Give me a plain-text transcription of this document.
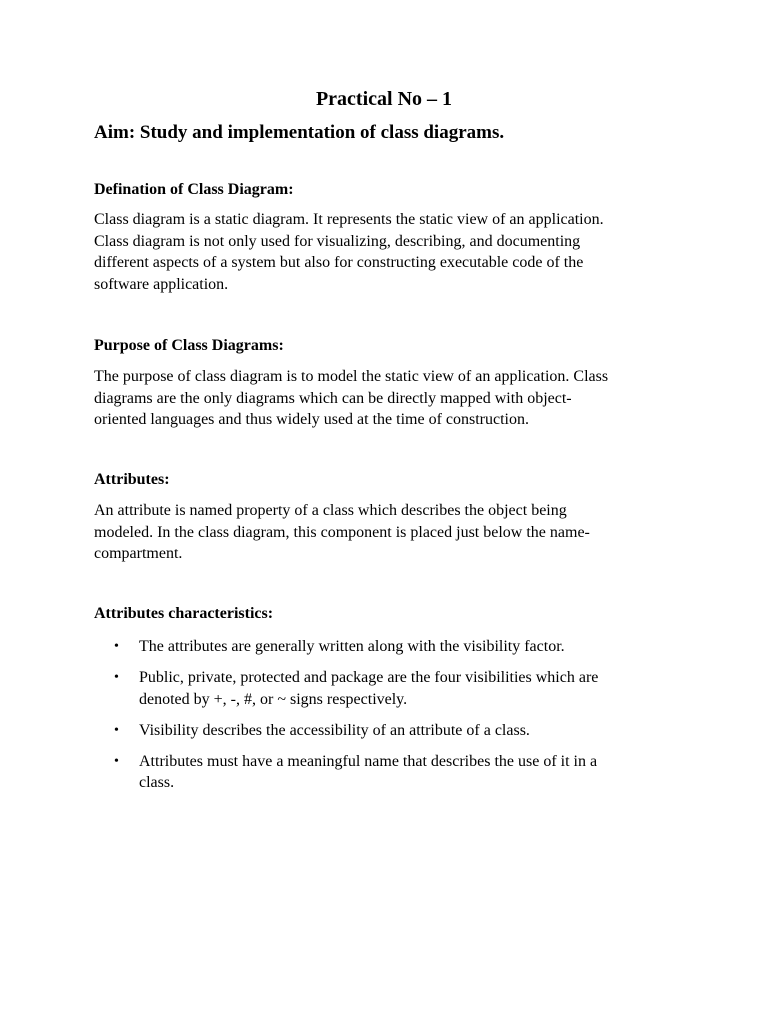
Practical No – 1
Aim: Study and implementation of class diagrams.
Defination of Class Diagram:

Class diagram is a static diagram. It represents the static view of an application.
Class diagram is not only used for visualizing, describing, and documenting
different aspects of a system but also for constructing executable code of the
software application.

Purpose of Class Diagrams:

The purpose of class diagram is to model the static view of an application. Class
diagrams are the only diagrams which can be directly mapped with object-
oriented languages and thus widely used at the time of construction.

Attributes:

An attribute is named property of a class which describes the object being
modeled. In the class diagram, this component is placed just below the name-
compartment.

Attributes characteristics:
• The attributes are generally written along with the visibility factor.
• Public, private, protected and package are the four visibilities which are
denoted by +, -, #, or ~ signs respectively.
• Visibility describes the accessibility of an attribute of a class.
• Attributes must have a meaningful name that describes the use of it in a
class.
